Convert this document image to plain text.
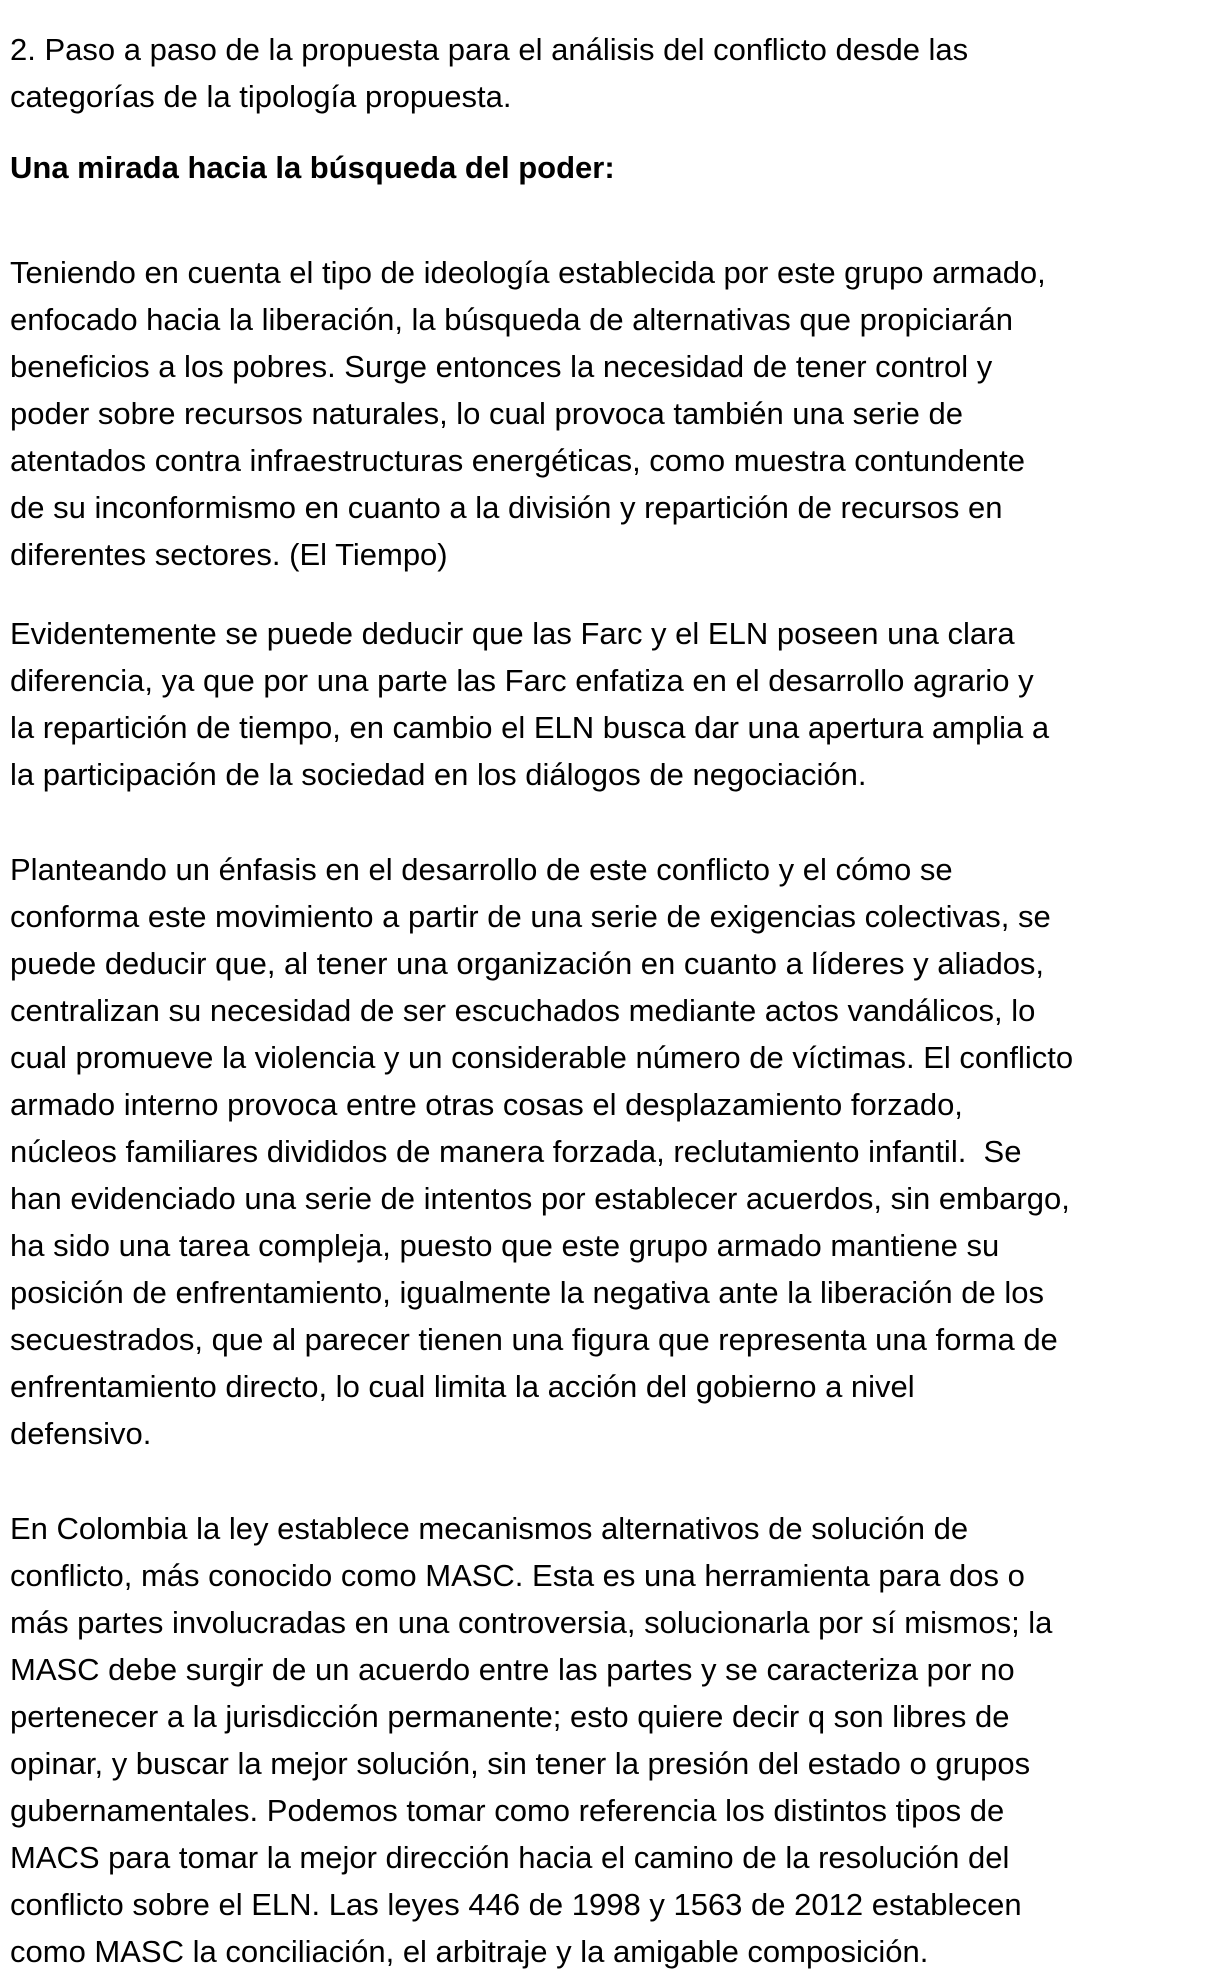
2. Paso a paso de la propuesta para el análisis del conflicto desde las
categorías de la tipología propuesta.
Una mirada hacia la búsqueda del poder:
Teniendo en cuenta el tipo de ideología establecida por este grupo armado,
enfocado hacia la liberación, la búsqueda de alternativas que propiciarán
beneficios a los pobres. Surge entonces la necesidad de tener control y
poder sobre recursos naturales, lo cual provoca también una serie de
atentados contra infraestructuras energéticas, como muestra contundente
de su inconformismo en cuanto a la división y repartición de recursos en
diferentes sectores. (El Tiempo)
Evidentemente se puede deducir que las Farc y el ELN poseen una clara
diferencia, ya que por una parte las Farc enfatiza en el desarrollo agrario y
la repartición de tiempo, en cambio el ELN busca dar una apertura amplia a
la participación de la sociedad en los diálogos de negociación.
Planteando un énfasis en el desarrollo de este conflicto y el cómo se
conforma este movimiento a partir de una serie de exigencias colectivas, se
puede deducir que, al tener una organización en cuanto a líderes y aliados,
centralizan su necesidad de ser escuchados mediante actos vandálicos, lo
cual promueve la violencia y un considerable número de víctimas. El conflicto
armado interno provoca entre otras cosas el desplazamiento forzado,
núcleos familiares divididos de manera forzada, reclutamiento infantil.  Se
han evidenciado una serie de intentos por establecer acuerdos, sin embargo,
ha sido una tarea compleja, puesto que este grupo armado mantiene su
posición de enfrentamiento, igualmente la negativa ante la liberación de los
secuestrados, que al parecer tienen una figura que representa una forma de
enfrentamiento directo, lo cual limita la acción del gobierno a nivel
defensivo.
En Colombia la ley establece mecanismos alternativos de solución de
conflicto, más conocido como MASC. Esta es una herramienta para dos o
más partes involucradas en una controversia, solucionarla por sí mismos; la
MASC debe surgir de un acuerdo entre las partes y se caracteriza por no
pertenecer a la jurisdicción permanente; esto quiere decir q son libres de
opinar, y buscar la mejor solución, sin tener la presión del estado o grupos
gubernamentales. Podemos tomar como referencia los distintos tipos de
MACS para tomar la mejor dirección hacia el camino de la resolución del
conflicto sobre el ELN. Las leyes 446 de 1998 y 1563 de 2012 establecen
como MASC la conciliación, el arbitraje y la amigable composición.
